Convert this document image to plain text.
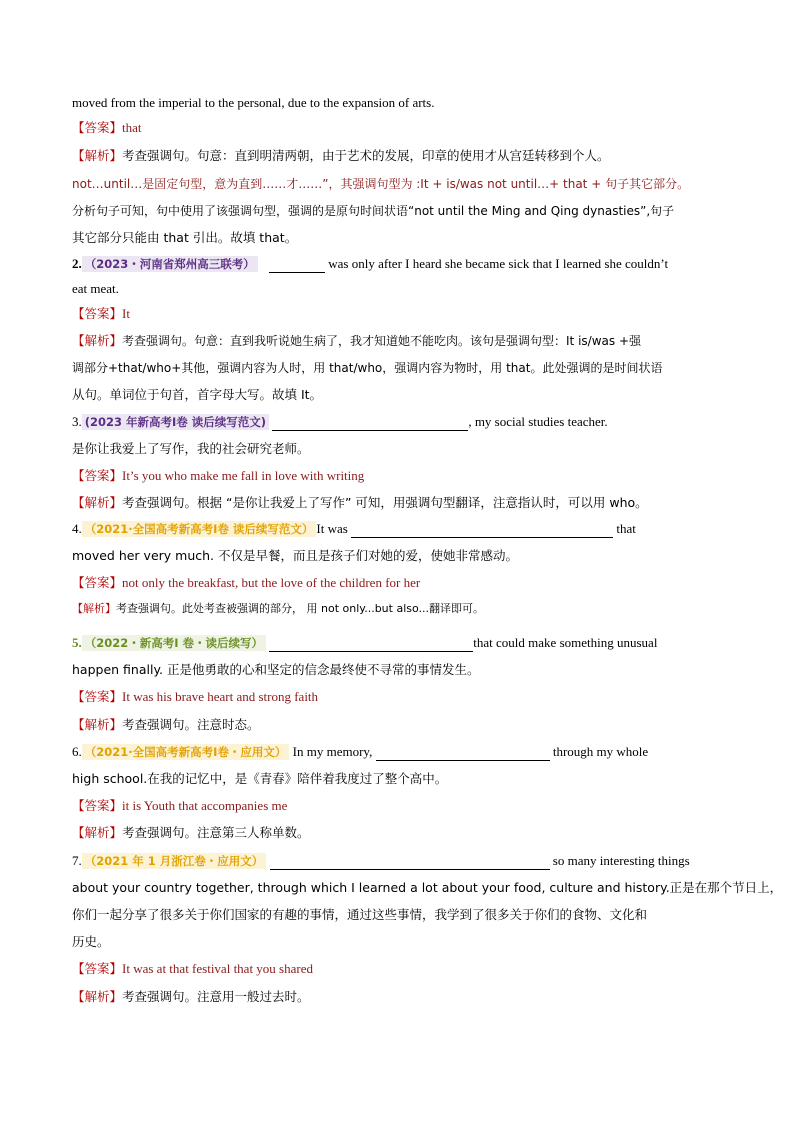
moved from the imperial to the personal, due to the expansion of arts.
【答案】that
【解析】考查强调句。句意：直到明清两朝，由于艺术的发展，印章的使用才从宫廷转移到个人。
not…until…是固定句型，意为直到……才……”，其强调句型为 :It + is/was not until…+ that + 句子其它部分。
分析句子可知，句中使用了该强调句型，强调的是原句时间状语“not until the Ming and Qing dynasties”,句子
其它部分只能由 that 引出。故填 that。
2. （2023・河南省郑州高三联考）	was only after I heard she became sick that I learned she couldn’t
eat meat.
【答案】It
【解析】考查强调句。句意：直到我听说她生病了，我才知道她不能吃肉。该句是强调句型：It is/was +强
调部分+that/who+其他，强调内容为人时，用 that/who，强调内容为物时，用 that。此处强调的是时间状语
从句。单词位于句首，首字母大写。故填 It。
3. (2023 年新高考Ⅰ卷 读后续写范文)	, my social studies teacher.
是你让我爱上了写作，我的社会研究老师。
【答案】It’s you who make me fall in love with writing
【解析】考查强调句。根据 “是你让我爱上了写作” 可知，用强调句型翻译，注意指认时，可以用 who。
4. （2021·全国高考新高考Ⅰ卷 读后续写范文） It was	that
moved her very much. 不仅是早餐，而且是孩子们对她的爱，使她非常感动。
【答案】not only the breakfast, but the love of the children for her
【解析】考查强调句。此处考查被强调的部分， 用 not only...but also...翻译即可。
5. （2022・新高考Ⅰ 卷・读后续写）	that could make something unusual
happen finally. 正是他勇敢的心和坚定的信念最终使不寻常的事情发生。
【答案】It was his brave heart and strong faith
【解析】考查强调句。注意时态。
6. （2021·全国高考新高考Ⅰ卷・应用文） In my memory,	through my whole
high school.在我的记忆中，是《青春》陪伴着我度过了整个高中。
【答案】it is Youth that accompanies me
【解析】考查强调句。注意第三人称单数。
7. （2021 年 1 月浙江卷・应用文）	so many interesting things
about your country together, through which I learned a lot about your food, culture and history.正是在那个节日上，
你们一起分享了很多关于你们国家的有趣的事情，通过这些事情，我学到了很多关于你们的食物、文化和
历史。
【答案】It was at that festival that you shared
【解析】考查强调句。注意用一般过去时。
